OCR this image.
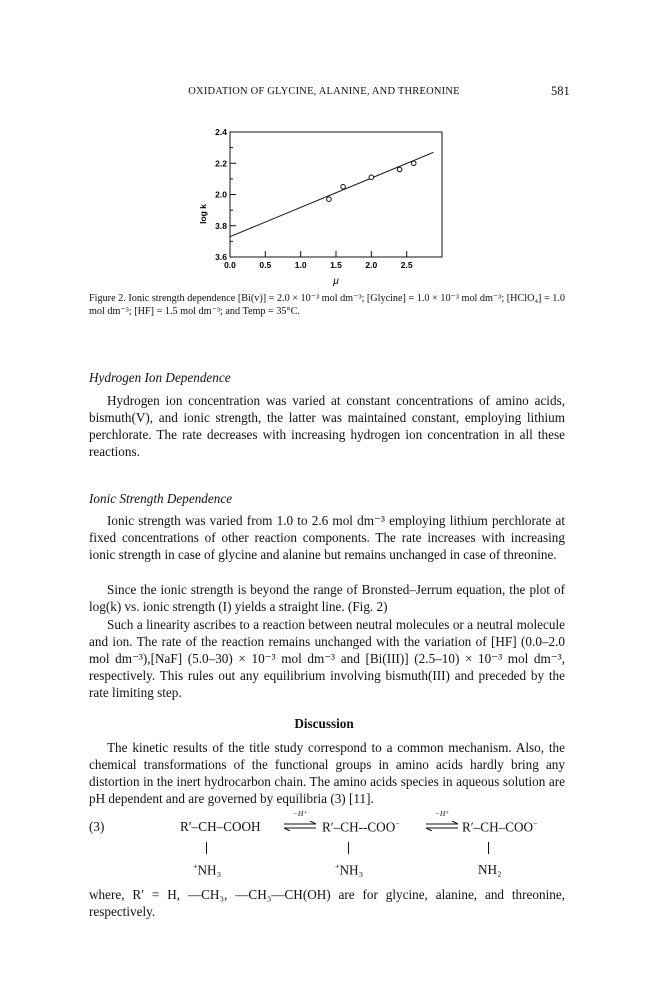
OXIDATION OF GLYCINE, ALANINE, AND THREONINE	581
0.0	0.5	1.0	1.5	2.0	2.5
2.4
2.2
2.0
3.8
3.6
log k
μ
Figure 2. Ionic strength dependence [Bi(v)] = 2.0 × 10⁻³ mol dm⁻³; [Glycine] = 1.0 × 10⁻³ mol dm⁻³; [HClO₄] = 1.0 mol dm⁻³; [HF] = 1.5 mol dm⁻³; and Temp = 35°C.
Hydrogen Ion Dependence
Hydrogen ion concentration was varied at constant concentrations of amino acids, bismuth(V), and ionic strength, the latter was maintained constant, employing lithium perchlorate. The rate decreases with increasing hydrogen ion concentration in all these reactions.
Ionic Strength Dependence
Ionic strength was varied from 1.0 to 2.6 mol dm⁻³ employing lithium perchlorate at fixed concentrations of other reaction components. The rate increases with increasing ionic strength in case of glycine and alanine but remains unchanged in case of threonine.
Since the ionic strength is beyond the range of Bronsted–Jerrum equation, the plot of log(k) vs. ionic strength (I) yields a straight line. (Fig. 2)
Such a linearity ascribes to a reaction between neutral molecules or a neutral molecule and ion. The rate of the reaction remains unchanged with the variation of [HF] (0.0–2.0 mol dm⁻³),[NaF] (5.0–30) × 10⁻³ mol dm⁻³ and [Bi(III)] (2.5–10) × 10⁻³ mol dm⁻³, respectively. This rules out any equilibrium involving bismuth(III) and preceded by the rate limiting step.
Discussion
The kinetic results of the title study correspond to a common mechanism. Also, the chemical transformations of the functional groups in amino acids hardly bring any distortion in the inert hydrocarbon chain. The amino acids species in aqueous solution are pH dependent and are governed by equilibria (3) [11].
(3)	R′–CH–COOH
−H⁺
R′–CH--COO−
−H⁺
R′–CH–COO−
+NH₃	+NH₃	NH₂
where, R′ = H, —CH₃, —CH₃—CH(OH) are for glycine, alanine, and threonine, respectively.
